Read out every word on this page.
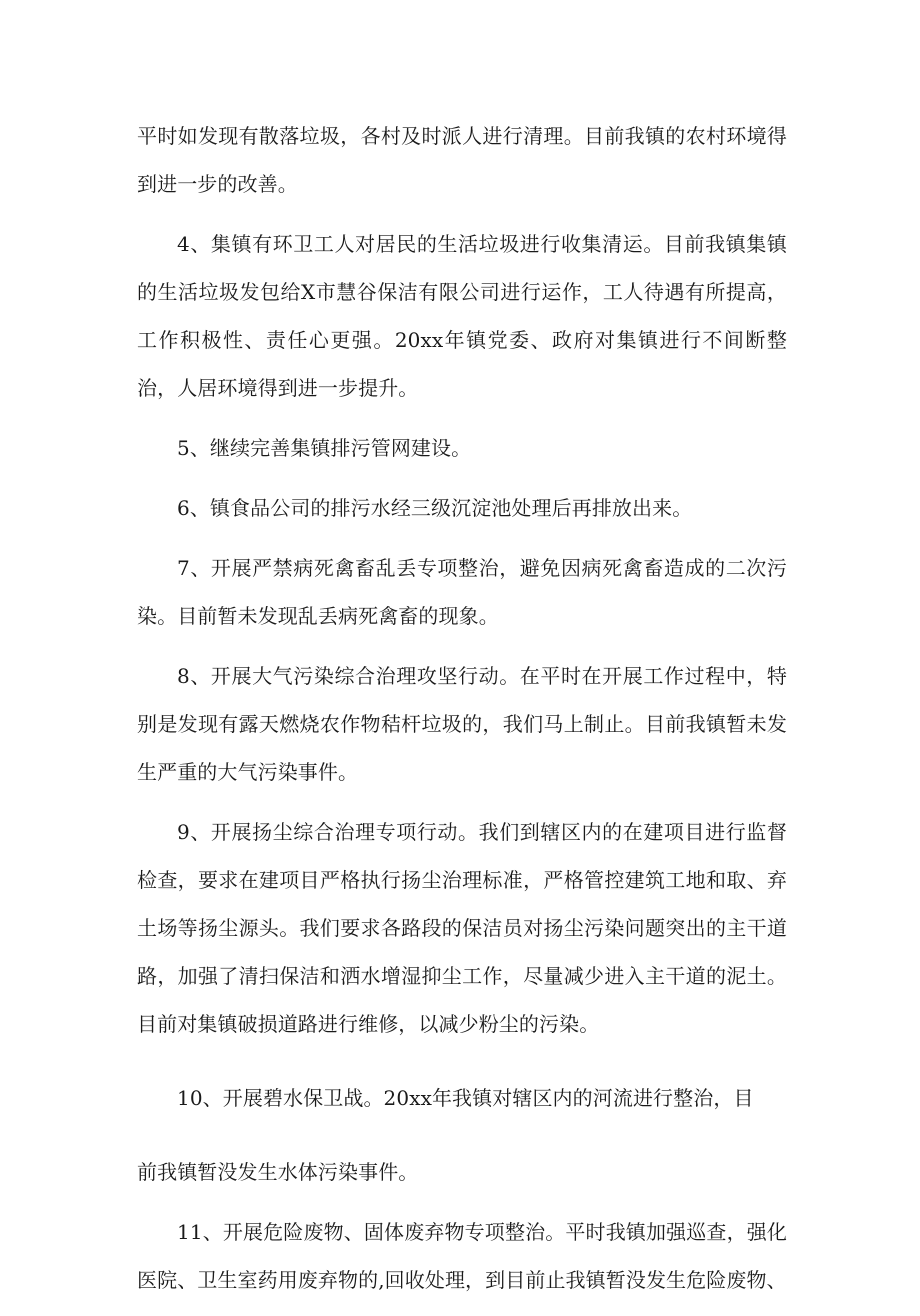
平时如发现有散落垃圾，各村及时派人进行清理。目前我镇的农村环境得到进一步的改善。

4、集镇有环卫工人对居民的生活垃圾进行收集清运。目前我镇集镇的生活垃圾发包给X市慧谷保洁有限公司进行运作，工人待遇有所提高，工作积极性、责任心更强。20xx年镇党委、政府对集镇进行不间断整治，人居环境得到进一步提升。

5、继续完善集镇排污管网建设。

6、镇食品公司的排污水经三级沉淀池处理后再排放出来。

7、开展严禁病死禽畜乱丢专项整治，避免因病死禽畜造成的二次污染。目前暂未发现乱丢病死禽畜的现象。

8、开展大气污染综合治理攻坚行动。在平时在开展工作过程中，特别是发现有露天燃烧农作物秸杆垃圾的，我们马上制止。目前我镇暂未发生严重的大气污染事件。

9、开展扬尘综合治理专项行动。我们到辖区内的在建项目进行监督检查，要求在建项目严格执行扬尘治理标准，严格管控建筑工地和取、弃土场等扬尘源头。我们要求各路段的保洁员对扬尘污染问题突出的主干道路，加强了清扫保洁和洒水增湿抑尘工作，尽量减少进入主干道的泥土。目前对集镇破损道路进行维修，以减少粉尘的污染。

10、开展碧水保卫战。20xx年我镇对辖区内的河流进行整治，目

前我镇暂没发生水体污染事件。

11、开展危险废物、固体废弃物专项整治。平时我镇加强巡查，强化医院、卫生室药用废弃物的,回收处理，到目前止我镇暂没发生危险废物、
